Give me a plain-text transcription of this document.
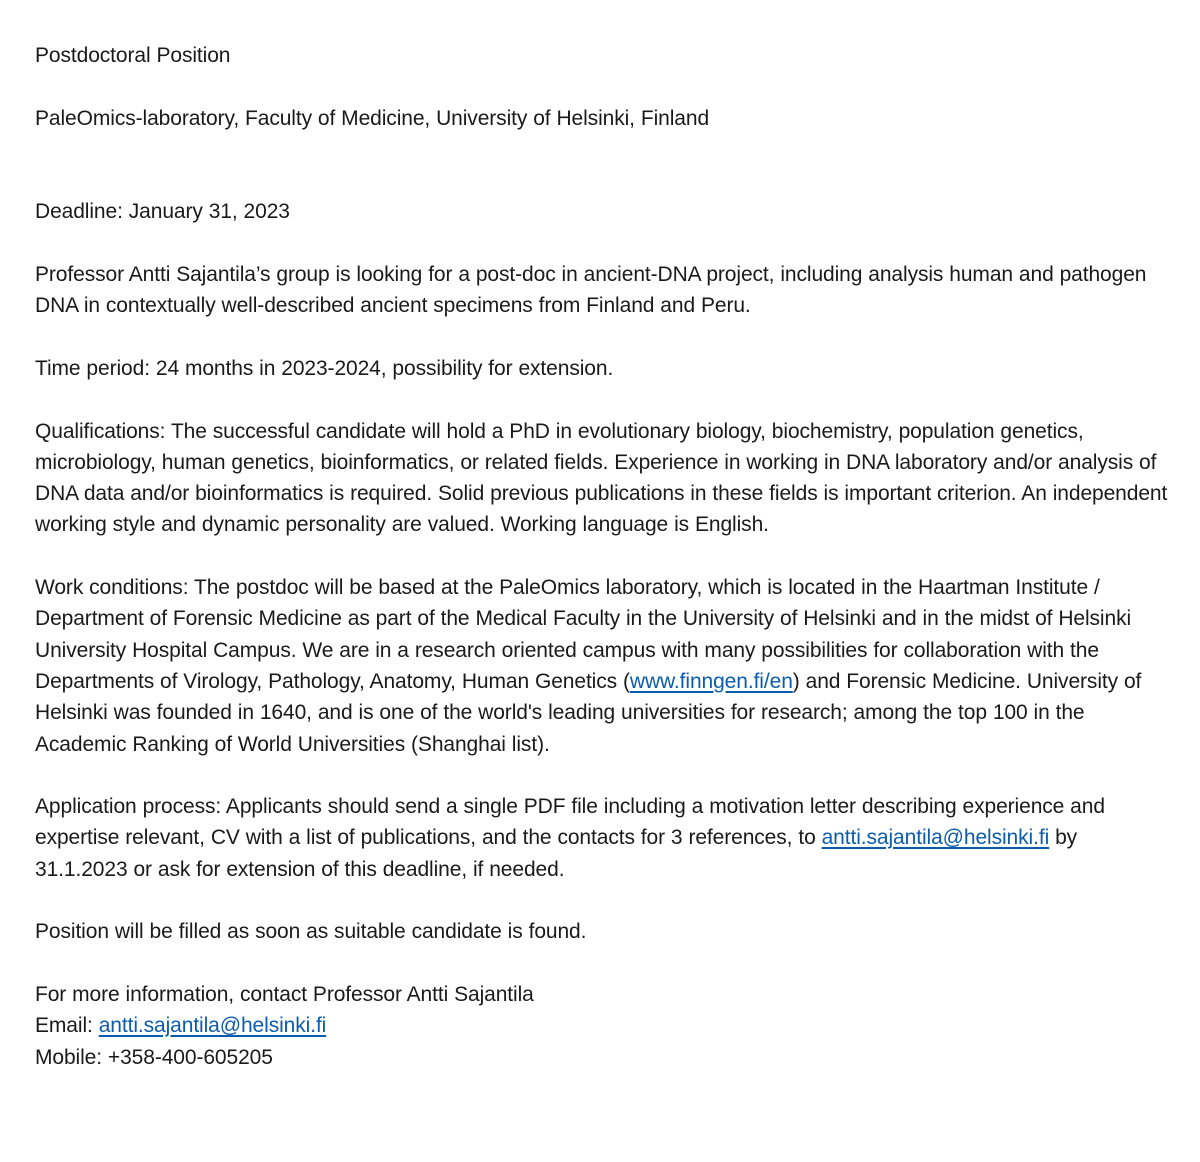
Postdoctoral Position

PaleOmics-laboratory, Faculty of Medicine, University of Helsinki, Finland

Deadline: January 31, 2023

Professor Antti Sajantila’s group is looking for a post-doc in ancient-DNA project, including analysis human and pathogen DNA in contextually well-described ancient specimens from Finland and Peru.

Time period: 24 months in 2023-2024, possibility for extension.

Qualifications: The successful candidate will hold a PhD in evolutionary biology, biochemistry, population genetics, microbiology, human genetics, bioinformatics, or related fields. Experience in working in DNA laboratory and/or analysis of DNA data and/or bioinformatics is required. Solid previous publications in these fields is important criterion. An independent working style and dynamic personality are valued. Working language is English.

Work conditions: The postdoc will be based at the PaleOmics laboratory, which is located in the Haartman Institute / Department of Forensic Medicine as part of the Medical Faculty in the University of Helsinki and in the midst of Helsinki University Hospital Campus. We are in a research oriented campus with many possibilities for collaboration with the Departments of Virology, Pathology, Anatomy, Human Genetics (www.finngen.fi/en) and Forensic Medicine. University of Helsinki was founded in 1640, and is one of the world's leading universities for research; among the top 100 in the Academic Ranking of World Universities (Shanghai list).

Application process: Applicants should send a single PDF file including a motivation letter describing experience and expertise relevant, CV with a list of publications, and the contacts for 3 references, to antti.sajantila@helsinki.fi by 31.1.2023 or ask for extension of this deadline, if needed.

Position will be filled as soon as suitable candidate is found.

For more information, contact Professor Antti Sajantila

Email: antti.sajantila@helsinki.fi

Mobile: +358-400-605205
